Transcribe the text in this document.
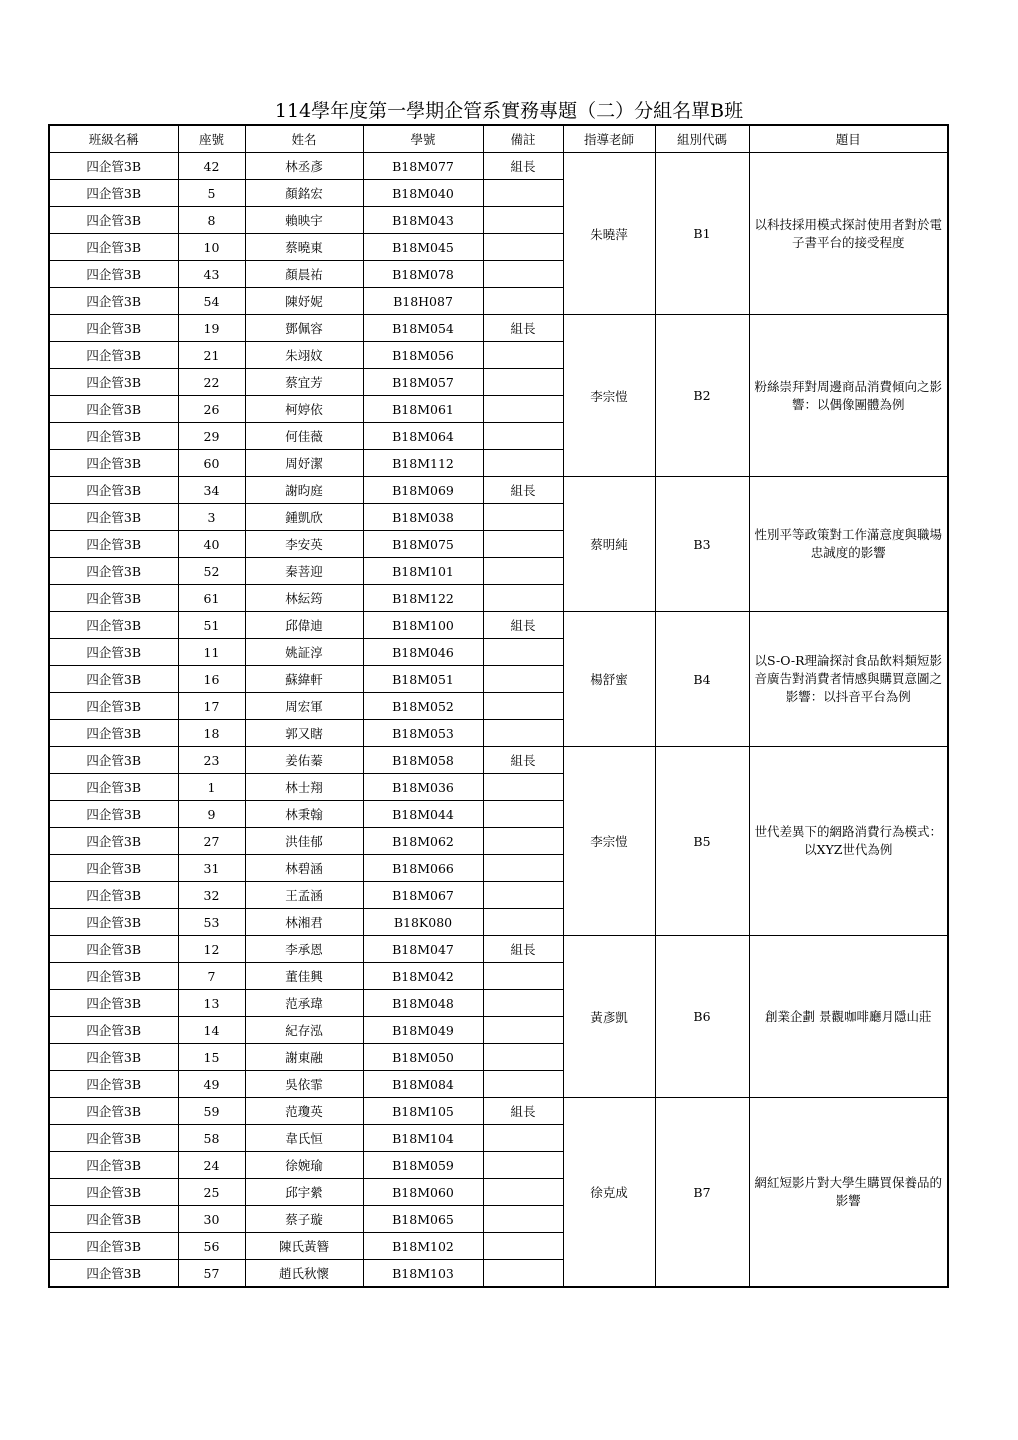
114學年度第一學期企管系實務專題（二）分組名單B班
班級名稱	座號	姓名	學號	備註	指導老師	組別代碼	題目
四企管3B	42	林丞彥	B18M077	組長	朱曉萍	B1	以科技採用模式探討使用者對於電子書平台的接受程度
四企管3B	5	顏銘宏	B18M040				
四企管3B	8	賴映宇	B18M043				
四企管3B	10	蔡曉東	B18M045				
四企管3B	43	顏晨祐	B18M078				
四企管3B	54	陳妤妮	B18H087				
四企管3B	19	鄧佩容	B18M054	組長	李宗愷	B2	粉絲崇拜對周邊商品消費傾向之影響：以偶像團體為例
四企管3B	21	朱翊妏	B18M056				
四企管3B	22	蔡宜芳	B18M057				
四企管3B	26	柯婷依	B18M061				
四企管3B	29	何佳薇	B18M064				
四企管3B	60	周妤潔	B18M112				
四企管3B	34	謝昀庭	B18M069	組長	蔡明純	B3	性別平等政策對工作滿意度與職場忠誠度的影響
四企管3B	3	鍾凱欣	B18M038				
四企管3B	40	李安英	B18M075				
四企管3B	52	秦菩迎	B18M101				
四企管3B	61	林紜筠	B18M122				
四企管3B	51	邱偉迪	B18M100	組長	楊舒蜜	B4	以S-O-R理論探討食品飲料類短影音廣告對消費者情感與購買意圖之影響：以抖音平台為例
四企管3B	11	姚証淳	B18M046				
四企管3B	16	蘇緯軒	B18M051				
四企管3B	17	周宏軍	B18M052				
四企管3B	18	郭又瞎	B18M053				
四企管3B	23	姜佑蓁	B18M058	組長	李宗愷	B5	世代差異下的網路消費行為模式：以XYZ世代為例
四企管3B	1	林士翔	B18M036				
四企管3B	9	林秉翰	B18M044				
四企管3B	27	洪佳郁	B18M062				
四企管3B	31	林碧涵	B18M066				
四企管3B	32	王孟涵	B18M067				
四企管3B	53	林湘君	B18K080				
四企管3B	12	李承恩	B18M047	組長	黃彥凱	B6	創業企劃 景觀咖啡廳月隱山莊
四企管3B	7	董佳興	B18M042				
四企管3B	13	范承瑋	B18M048				
四企管3B	14	紀存泓	B18M049				
四企管3B	15	謝東融	B18M050				
四企管3B	49	吳依霏	B18M084				
四企管3B	59	范瓊英	B18M105	組長	徐克成	B7	網紅短影片對大學生購買保養品的影響
四企管3B	58	韋氏恒	B18M104				
四企管3B	24	徐婉瑜	B18M059				
四企管3B	25	邱宇縈	B18M060				
四企管3B	30	蔡子璇	B18M065				
四企管3B	56	陳氏黃簪	B18M102				
四企管3B	57	趙氏秋懷	B18M103				
